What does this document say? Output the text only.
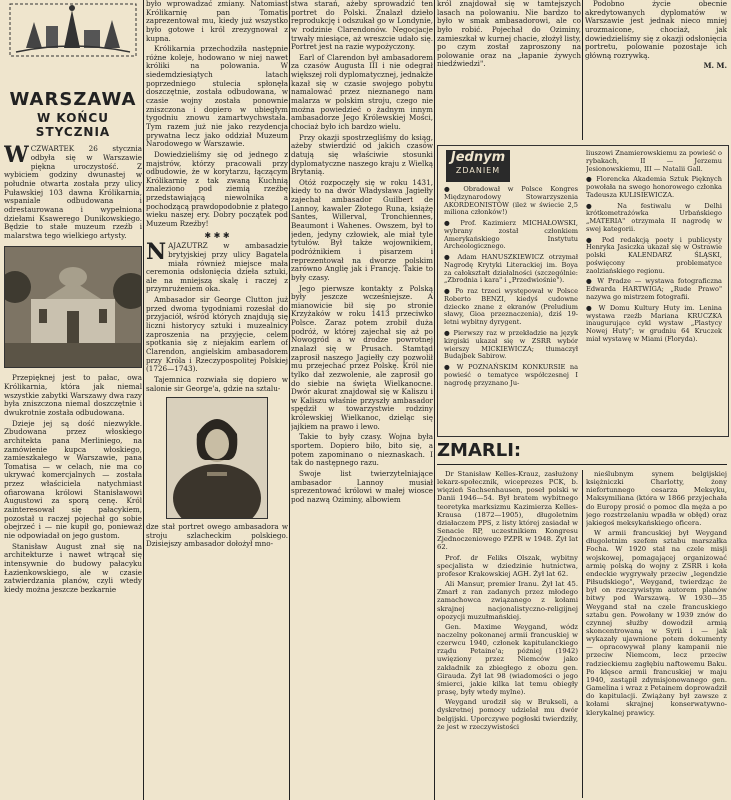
WARSZAWA
W KOŃCU STYCZNIA

WCZWARTEK 26 stycznia odbyła się w Warszawie piękna uroczystość. Z wybiciem godziny dwunastej w południe otwarta została przy ulicy Puławskiej 103 dawna Królikarnia, wspaniale odbudowana i odrestaurowana i wypełniona dziełami Ksawerego Dunikowskiego. Będzie to stałe muzeum rzeźb i malarstwa tego wielkiego artysty.

Przepięknej jest to pałac, owa Królikarnia, która jak niemal wszystkie zabytki Warszawy dwa razy była zniszczona niemal doszczętnie i dwukrotnie została odbudowana.

Dzieje jej są dość niezwykłe. Zbudowana przez włoskiego architekta pana Merliniego, na zamówienie kupca włoskiego, zamieszkałego w Warszawie, pana Tomatisa — w celach, nie ma co ukrywać komercjalnych — została przez właściciela natychmiast ofiarowana królowi Stanisławowi Augustowi za sporą cenę. Król zainteresował się pałacykiem, pozostał u raczej pojechał go sobie obejrzeć i — nie kupił go, ponieważ nie odpowiadał on jego gustom.

Stanisław August znał się na architekturze i nawet wtrącał się intensywnie do budowy pałacyku Łazienkowskiego, ale w czasie zatwierdzania planów, czyli wtedy kiedy można jeszcze bezkarnie

było wprowadzać zmiany. Natomiast Królikarnię pan Tomatis zaprezentował mu, kiedy już wszystko było gotowe i król zrezygnował z kupna.

Królikarnia przechodziła następnie różne koleje, hodowano w niej nawet króliki na polowania. W siedemdziesiątych latach poprzedniego stulecia spłonęła doszczętnie, została odbudowana, w czasie wojny została ponownie zniszczona i dopiero w ubiegłym tygodniu znowu zamartwychwstała. Tym razem już nie jako rezydencja prywatna lecz jako oddział Muzeum Narodowego w Warszawie.

Dowiedzieliśmy się od jednego z majstrów, którzy pracowali przy odbudowie, że w korytarzu, łączącym Królikarnię z tak zwaną Kuchnią znaleziono pod ziemią rzeźbę przedstawiającą niewolnika a pochodzącą prawdopodobnie z płatego wieku naszej ery. Dobry początek pod Muzeum Rzeźby!

✱ ✱ ✱

NAJAZUTRZ w ambasadzie brytyjskiej przy ulicy Bagatela miała również miejsce mała ceremonia odsłonięcia dzieła sztuki, ale na mniejszą skalę i raczej z przymrużeniem oka.

Ambasador sir George Clutton już przed dwoma tygodniami rozesłał do przyjaciół, wśród których znajdują się liczni historycy sztuki i muzealnicy zaproszenia na przyjęcie, celem spotkania się z niejakim earlem of Clarendon, angielskim ambasadorem przy Króla i Rzeczypospolitej Polskiej (1726—1743).

Tajemnica rozwiała się dopiero w salonie sir George'a, gdzie na sztalu-

dze stał portret owego ambasadora w stroju szlacheckim polskiego. Dzisiejszy ambasador dołożył mno-

stwa starań, ażeby sprowadzić ten portret do Polski. Znalazł dzieło reprodukcję i odszukał go w Londynie, w rodzinie Clarendonów. Negocjacje trwały miesiące, aż wreszcie udało się. Portret jest na razie wypożyczony.

Earl of Clarendon był ambasadorem za czasów Augusta III i nie odegrał większej roli dyplomatycznej, jednakże kazał się w czasie swojego pobytu namalować przez nieznanego nam malarza w polskim stroju, czego nie można powiedzieć o żadnym innym ambasadorze Jego Królewskiej Mości, chociaż było ich bardzo wielu.

Przy okazji spostrzegliśmy do ksiąg, ażeby stwierdzić od jakich czasów datują się właściwie stosunki dyplomatyczne naszego kraju z Wielką Brytanią.

Otóż rozpoczęły się w roku 1431, kiedy to na dwór Władysława Jagiełły zajechał ambasador Guilbert de Lannoy, kawaler Złotego Runa, książę Santes, Willerval, Tronchiennes, Beaumont i Wahenes. Owszem, był to jeden, jedyny człowiek, ale miał tyle tytułów. Był także wojownikiem, podróżnikiem i pisarzem i reprezentował na dworze polskim zarówno Anglię jak i Francję. Takie to były czasy.

Jego pierwsze kontakty z Polską były jeszcze wcześniejsze. A mianowicie bił się po stronie Krzyżaków w roku 1413 przeciwko Polsce. Zaraz potem zrobił duża podróż, w której zajechał się aż po Nowogród a w drodze powrotnej znalazł się w Prusach. Stamtąd zaprosił naszego Jagiełły czy pozwolił mu przejechać przez Polskę. Król nie tylko dał zezwolenie, ale zaprosił go do siebie na święta Wielkanocne. Dwór akurat znajdował się w Kaliszu i w Kaliszu właśnie przyszły ambasador spędził w towarzystwie rodziny królewskiej Wielkanoc, dzieląc się jajkiem na prawo i lewo.

Takie to były czasy. Wojna była sportem. Dopiero biło, bito się, a potem zapominano o nieznaskach. I tak do następnego razu.

Swoje list twierzytelniające ambasador Lannoy musiał sprezentować królowi w małej wiosce pod nazwą Oziminy, albowiem

król znajdował się w tamtejszych lasach na polowaniu. Nie bardzo to było w smak ambasadorowi, ale co było robić. Pojechał do Oziminy, zamieszkał w kurnej chacie, złożył listy, po czym został zaproszony na polowanie oraz na „łapanie żywych niedźwiedzi".

Podobno życie obecnie akredytowanych dyplomatów w Warszawie jest jednak nieco mniej urozmaicone, chociaż, jak dowiedzieliśmy się z okazji odsłonięcia portretu, polowanie pozostaje ich główną rozrywką.

M. M.

Jednym
ZDANIEM

● Obradował w Polsce Kongres Międzynarodowy Stowarzyszenia AKORDEONISTÓW (ileż w świecie 2,5 miliona członków!)

● Prof. Kazimierz MICHAŁOWSKI, wybrany został członkiem Amerykańskiego Instytutu Archeologicznego.

● Adam HANUSZKIEWICZ otrzymał Nagrodę Krytyki Literackiej im. Boya za całokształt działalności (szczególnie: „Zbrodnia i kara" i „Przedwiośnie").

● Po raz trzeci występował w Polsce Roberto BENZI, kiedyś cudowne dziecko znane z ekranów (Preludium sławy, Gioa przeznaczenia), dziś 19-letni wybitny dyrygent.

● Pierwszy raz w przekładzie na język kirgiski ukazał się w ZSRR wybór wierszy MICKIEWICZA; tłumaczył Budajbek Sabirow.

● W POZNAŃSKIM KONKURSIE na powieść o tematyce współczesnej I nagrodę przyznano Ju-

liuszowi Znamierowskiemu za powieść o rybakach, II — Jerzemu Jesionowskiemu, III — Natalii Gall.

● Florencka Akademia Sztuk Pięknych powołała na swego honorowego członka Tadeusza KULISIEWICZA.

● Na festiwalu w Delhi krótkometrażówka Urbańskiego „MATERIA" otrzymała II nagrodę w swej kategorii.

● Pod redakcją poety i publicysty Henryka Jasiczka ukazał się w Ostrawie polski KALENDARZ ŚLĄSKI, poświęcony problematyce zaolziańskiego regionu.

● W Pradze — wystawa fotograficzna Edwarda HARTWIGA; „Rude Prawo" nazywa go mistrzem fotografii.

● W Domu Kultury Huty im. Lenina wystawa rzeźb Mariana KRUCZKA inaugurujące cykl wystaw „Plastycy Nowej Huty"; w grudniu 64 Kruczek miał wystawę w Miami (Floryda).

ZMARLI:

Dr Stanisław Kelles-Krauz, zasłużony lekarz-społecznik, wiceprezes PCK, b. więzień Sachsenhausen, poseł polski w Danii 1946—54. Był bratem wybitnego teoretyka marksizmu Kazimierza Kelles-Krausa (1872—1905), długoletnim działaczem PPS, z listy której zasiadał w Senacie RP, uczestnikiem Kongresu Zjednoczeniowego PZPR w 1948. Żył lat 62.

Prof. dr Feliks Olszak, wybitny specjalista w dziedzinie hutnictwa, profesor Krakowskiej AGH. Żył lat 62.

Ali Mansur, premier Iranu. Żył lat 45. Zmarł z ran zadanych przez młodego zamachowca związanego z kołami skrajnej nacjonalistyczno-religijnej opozycji muzułmańskiej.

Gen. Maxime Weygand, wódz naczelny pokonanej armii francuskiej w czerwcu 1940, członek kapitulanckiego rządu Petaine'a; później (1942) uwięziony przez Niemców jako zakładnik za zbiegłego z obozu gen. Girauda. Żył lat 98 (wiadomości o jego śmierci, jakie kilka lat temu obiegły prasę, były wtedy mylne).

Weygand urodził się w Brukseli, a dyskretnej pomocy udzielał mu dwór belgijski. Uporczywe pogłoski twierdziły, że jest w rzeczywistości

nieślubnym synem belgijskiej księżniczki Charlotty, żony niefortunnego cesarza Meksyku, Maksymiliana (która w 1866 przyjechała do Europy prosić o pomoc dla męża a po jego rozstrzelaniu wpadła w obłęd) oraz jakiegoś meksykańskiego oficera.

W armii francuskiej był Weygand długoletnim szefem sztabu marszałka Focha. W 1920 stał na czele misji wojskowej, pomagającej organizować armię polską do wojny z ZSRR i koła endeckie wygrywały przeciw „legendzie Piłsudskiego", Weygand, twierdząc że był on rzeczywistym autorem planów bitwy pod Warszawą. W 1930—35 Weygand stał na czele francuskiego sztabu gen. Powołany w 1939 znów do czynnej służby dowodził armią skoncentrowaną w Syrii i — jak wykazały ujawnione potem dokumenty — opracowywał plany kampanii nie przeciw Niemcom, lecz przeciw radzieckiemu zagłębiu naftowemu Baku. Po klęsce armii francuskiej w maju 1940, zastąpił zdymisjonowanego gen. Gamelina i wraz z Petainem doprowadził do kapitulacji. Zwiążany był zawsze z kołami skrajnej konserwatywno-klerykalnej prawicy.
